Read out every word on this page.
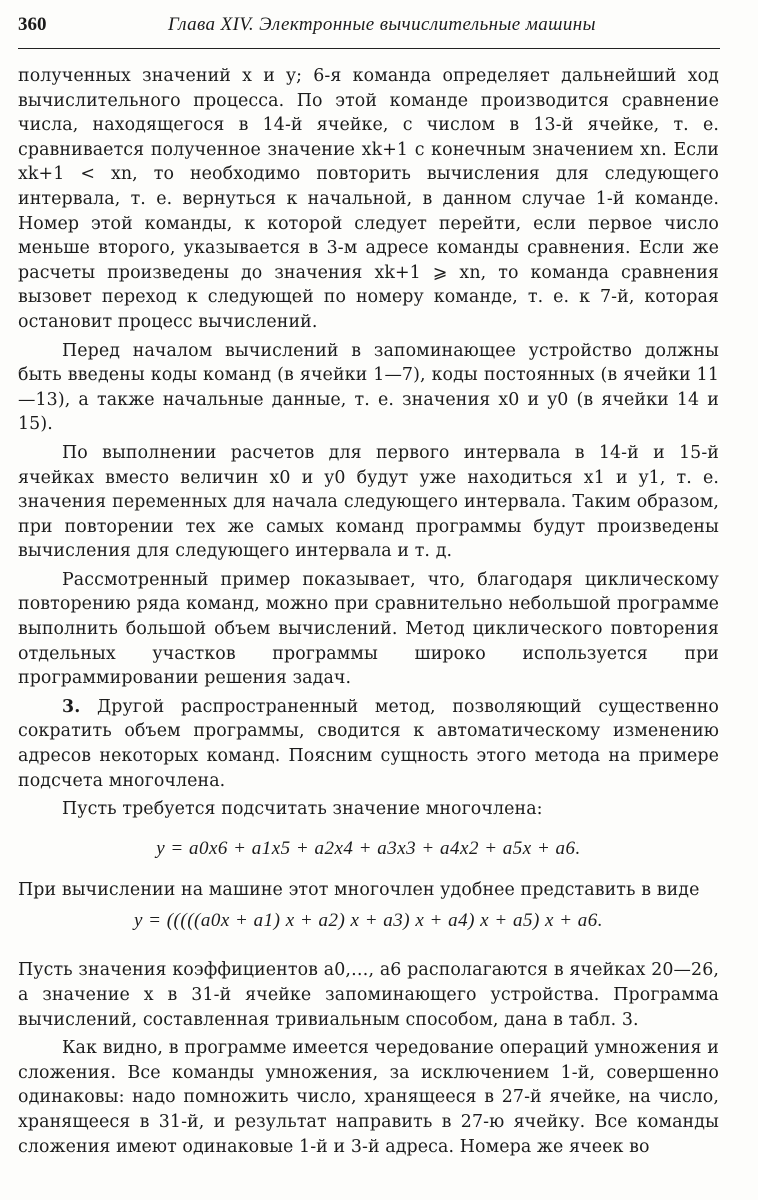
360	Глава XIV. Электронные вычислительные машины

полученных значений x и y; 6-я команда определяет дальнейший ход вычислительного процесса. По этой команде производится сравнение числа, находящегося в 14-й ячейке, с числом в 13-й ячейке, т. е. сравнивается полученное значение xk+1 с конечным значением xn. Если xk+1 < xn, то необходимо повторить вычисления для следующего интервала, т. е. вернуться к начальной, в данном случае 1-й команде. Номер этой команды, к которой следует перейти, если первое число меньше второго, указывается в 3-м адресе команды сравнения. Если же расчеты произведены до значения xk+1 ⩾ xn, то команда сравнения вызовет переход к следующей по номеру команде, т. е. к 7-й, которая остановит процесс вычислений.

Перед началом вычислений в запоминающее устройство должны быть введены коды команд (в ячейки 1—7), коды постоянных (в ячейки 11—13), а также начальные данные, т. е. значения x0 и y0 (в ячейки 14 и 15).

По выполнении расчетов для первого интервала в 14-й и 15-й ячейках вместо величин x0 и y0 будут уже находиться x1 и y1, т. е. значения переменных для начала следующего интервала. Таким образом, при повторении тех же самых команд программы будут произведены вычисления для следующего интервала и т. д.

Рассмотренный пример показывает, что, благодаря циклическому повторению ряда команд, можно при сравнительно небольшой программе выполнить большой объем вычислений. Метод циклического повторения отдельных участков программы широко используется при программировании решения задач.

3. Другой распространенный метод, позволяющий существенно сократить объем программы, сводится к автоматическому изменению адресов некоторых команд. Поясним сущность этого метода на примере подсчета многочлена.

Пусть требуется подсчитать значение многочлена:

y = a0x6 + a1x5 + a2x4 + a3x3 + a4x2 + a5x + a6.

При вычислении на машине этот многочлен удобнее представить в виде

y = (((((a0x + a1) x + a2) x + a3) x + a4) x + a5) x + a6.

Пусть значения коэффициентов a0,…, a6 располагаются в ячейках 20—26, а значение x в 31-й ячейке запоминающего устройства. Программа вычислений, составленная тривиальным способом, дана в табл. 3.

Как видно, в программе имеется чередование операций умножения и сложения. Все команды умножения, за исключением 1-й, совершенно одинаковы: надо помножить число, хранящееся в 27-й ячейке, на число, хранящееся в 31-й, и результат направить в 27-ю ячейку. Все команды сложения имеют одинаковые 1-й и 3-й адреса. Номера же ячеек во
